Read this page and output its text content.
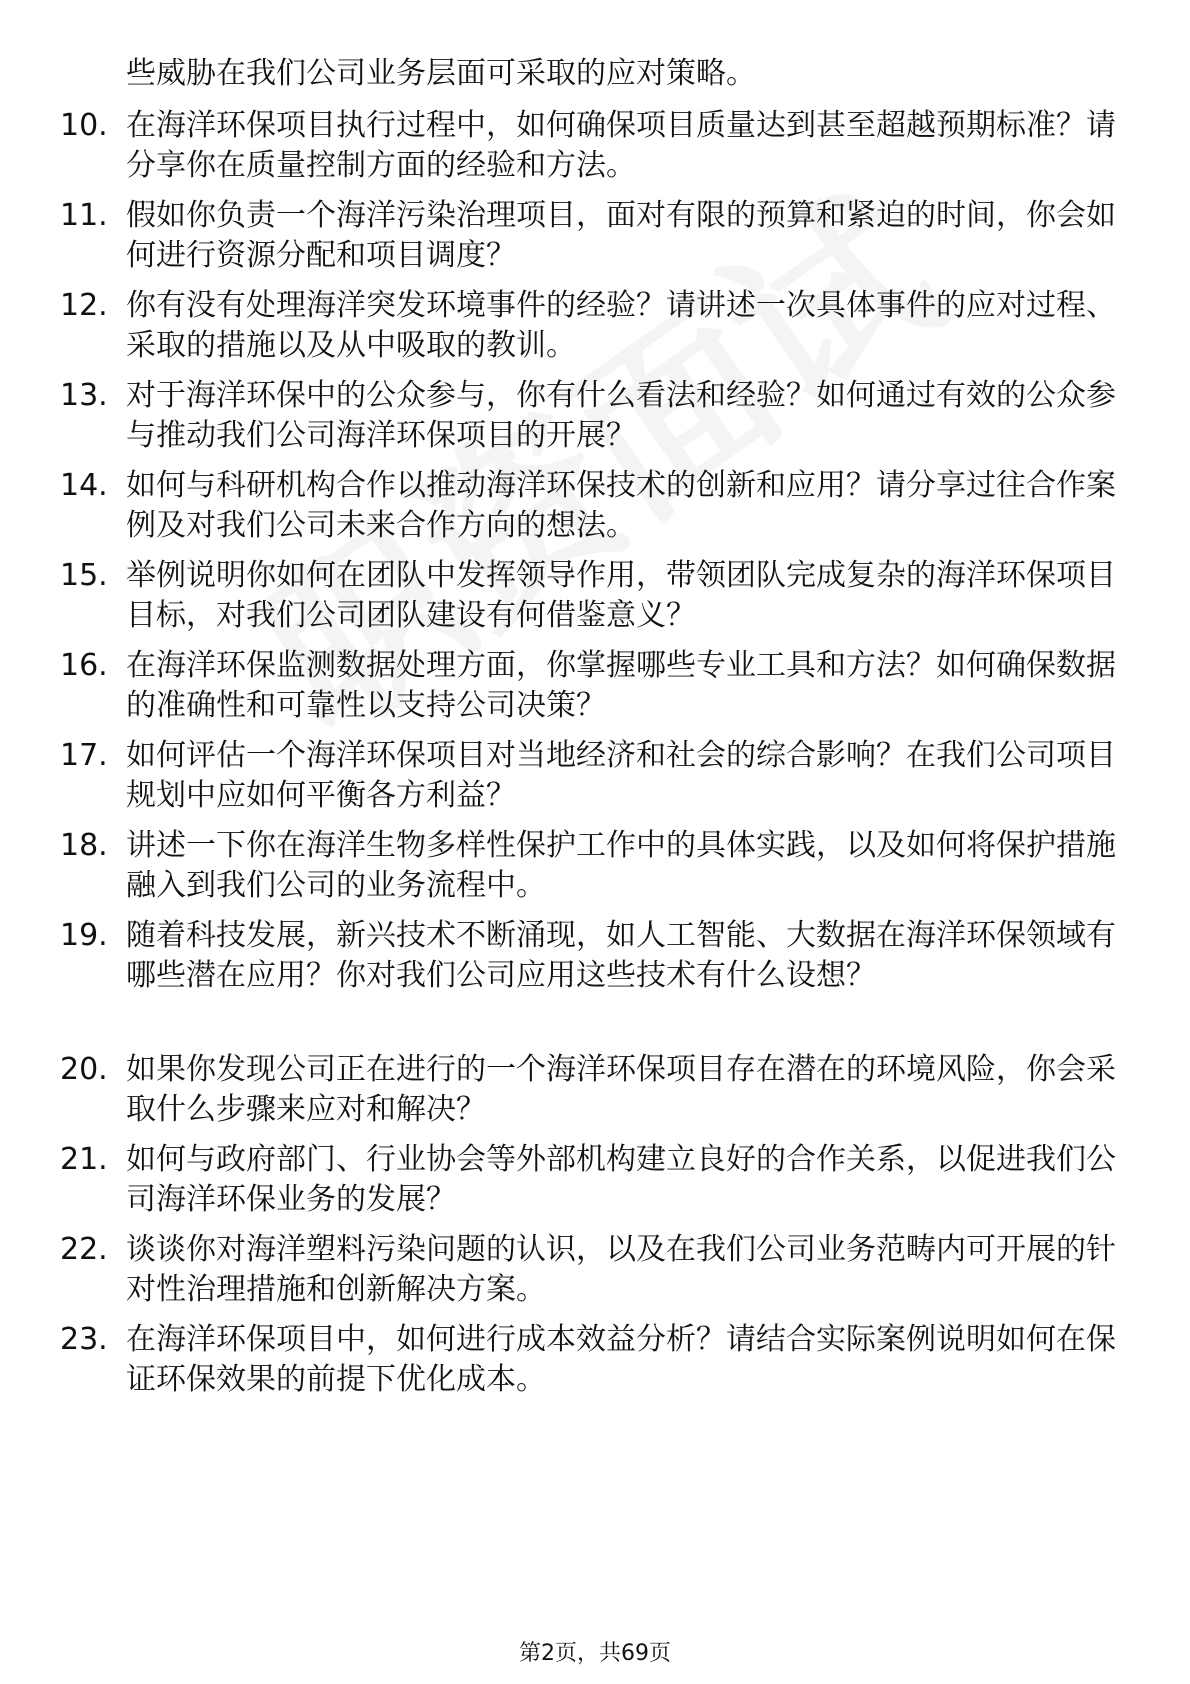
些威胁在我们公司业务层面可采取的应对策略。
10. 在海洋环保项目执行过程中，如何确保项目质量达到甚至超越预期标准？请分享你在质量控制方面的经验和方法。
11. 假如你负责一个海洋污染治理项目，面对有限的预算和紧迫的时间，你会如何进行资源分配和项目调度？
12. 你有没有处理海洋突发环境事件的经验？请讲述一次具体事件的应对过程、采取的措施以及从中吸取的教训。
13. 对于海洋环保中的公众参与，你有什么看法和经验？如何通过有效的公众参与推动我们公司海洋环保项目的开展？
14. 如何与科研机构合作以推动海洋环保技术的创新和应用？请分享过往合作案例及对我们公司未来合作方向的想法。
15. 举例说明你如何在团队中发挥领导作用，带领团队完成复杂的海洋环保项目目标，对我们公司团队建设有何借鉴意义？
16. 在海洋环保监测数据处理方面，你掌握哪些专业工具和方法？如何确保数据的准确性和可靠性以支持公司决策？
17. 如何评估一个海洋环保项目对当地经济和社会的综合影响？在我们公司项目规划中应如何平衡各方利益？
18. 讲述一下你在海洋生物多样性保护工作中的具体实践，以及如何将保护措施融入到我们公司的业务流程中。
19. 随着科技发展，新兴技术不断涌现，如人工智能、大数据在海洋环保领域有哪些潜在应用？你对我们公司应用这些技术有什么设想？
20. 如果你发现公司正在进行的一个海洋环保项目存在潜在的环境风险，你会采取什么步骤来应对和解决？
21. 如何与政府部门、行业协会等外部机构建立良好的合作关系，以促进我们公司海洋环保业务的发展？
22. 谈谈你对海洋塑料污染问题的认识，以及在我们公司业务范畴内可开展的针对性治理措施和创新解决方案。
23. 在海洋环保项目中，如何进行成本效益分析？请结合实际案例说明如何在保证环保效果的前提下优化成本。
第2页，共69页
